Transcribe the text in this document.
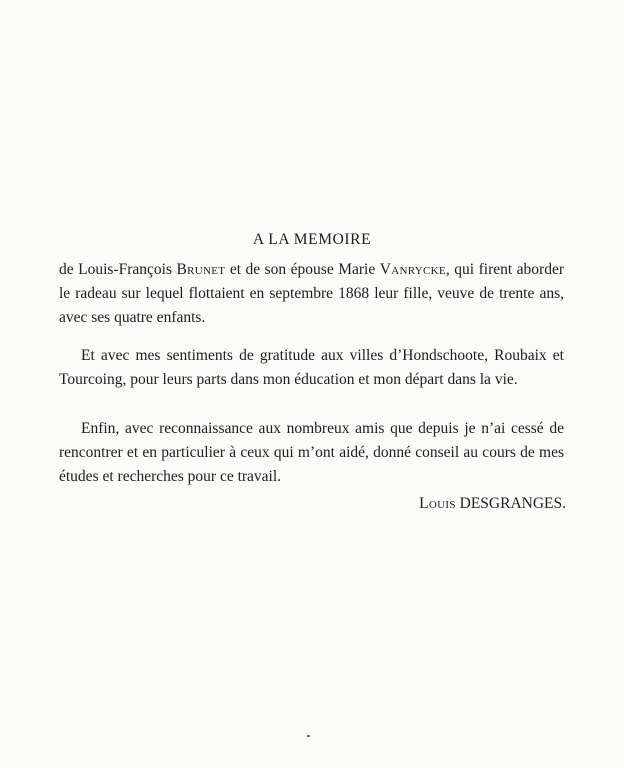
A LA MEMOIRE

de Louis-François Brunet et de son épouse Marie Vanrycke, qui firent aborder le radeau sur lequel flottaient en septembre 1868 leur fille, veuve de trente ans, avec ses quatre enfants.

Et avec mes sentiments de gratitude aux villes d’Hondschoote, Roubaix et Tourcoing, pour leurs parts dans mon éducation et mon départ dans la vie.

Enfin, avec reconnaissance aux nombreux amis que depuis je n’ai cessé de rencontrer et en particulier à ceux qui m’ont aidé, donné conseil au cours de mes études et recherches pour ce travail.

Louis DESGRANGES.
